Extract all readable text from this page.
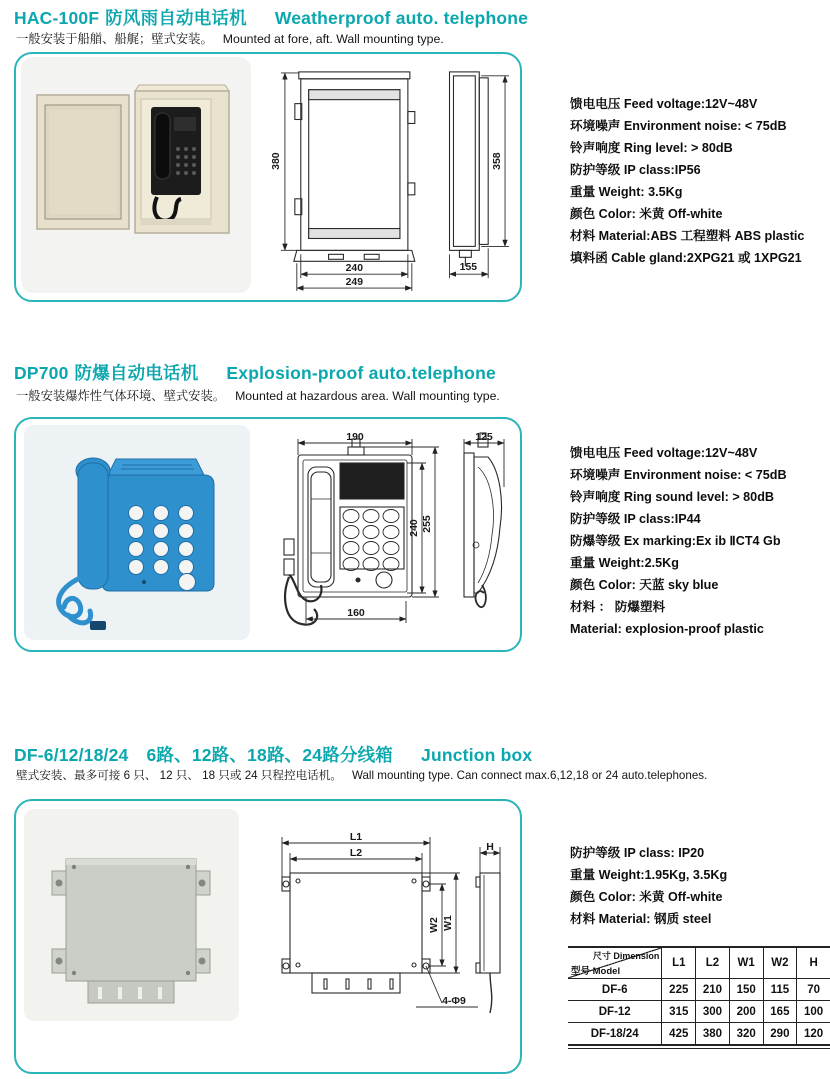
HAC-100F 防风雨自动电话机 Weatherproof auto. telephone
一般安装于船艏、船艉；壁式安装。 Mounted at fore, aft. Wall mounting type.
380
240
249
358
155
馈电电压 Feed voltage:12V~48V
环境噪声 Environment noise: < 75dB
铃声响度 Ring level: > 80dB
防护等级 IP class:IP56
重量 Weight: 3.5Kg
颜色 Color: 米黄 Off-white
材料 Material:ABS 工程塑料 ABS plastic
填料函 Cable gland:2XPG21 或 1XPG21
DP700 防爆自动电话机 Explosion-proof auto.telephone
一般安装爆炸性气体环境、壁式安装。 Mounted at hazardous area. Wall mounting type.
190
240 255
160
125
馈电电压 Feed voltage:12V~48V
环境噪声 Environment noise: < 75dB
铃声响度 Ring sound level: > 80dB
防护等级 IP class:IP44
防爆等级 Ex marking:Ex ib ⅡCT4 Gb
重量 Weight:2.5Kg
颜色 Color: 天蓝 sky blue
材料 ： 防爆塑料
Material: explosion-proof plastic
DF-6/12/18/24 6路、12路、18路、24路分线箱 Junction box
壁式安装、最多可接 6 只、 12 只、 18 只或 24 只程控电话机。 Wall mounting type. Can connect max.6,12,18 or 24 auto.telephones.
L1
L2
W2 W1
4-Φ9
H	防护等级 IP class: IP20
重量 Weight:1.95Kg, 3.5Kg
颜色 Color: 米黄 Off-white
材料 Material: 钢质 steel
尺寸 Dimension
型号 Model	L1	L2	W1	W2	H
DF-6	225	210	150	115	70
DF-12	315	300	200	165	100
DF-18/24	425	380	320	290	120
